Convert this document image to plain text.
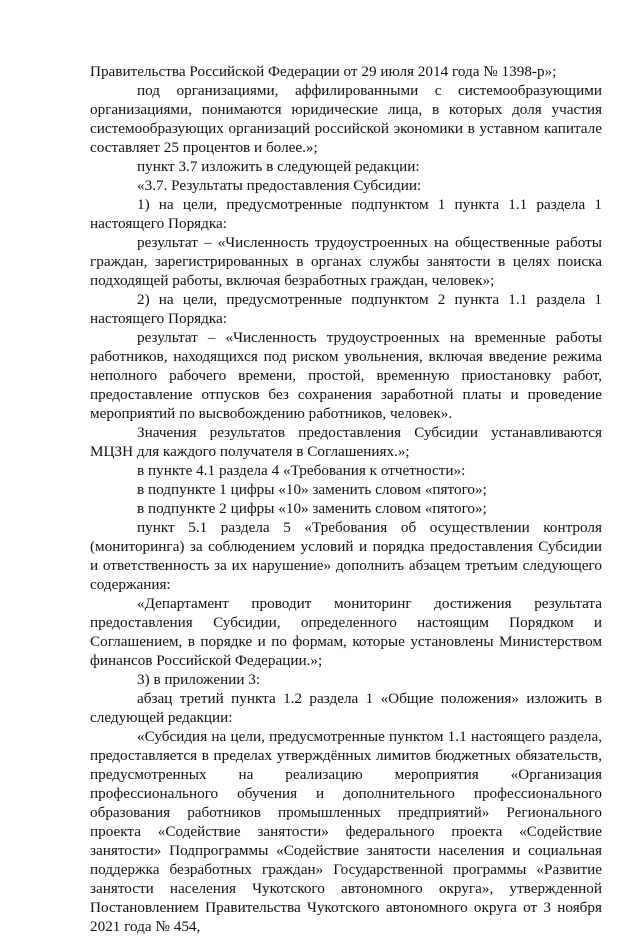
Правительства Российской Федерации от 29 июля 2014 года № 1398-р»;

под организациями, аффилированными с системообразующими организациями, понимаются юридические лица, в которых доля участия системообразующих организаций российской экономики в уставном капитале составляет 25 процентов и более.»;

пункт 3.7 изложить в следующей редакции:

«3.7. Результаты предоставления Субсидии:

1) на цели, предусмотренные подпунктом 1 пункта 1.1 раздела 1 настоящего Порядка:

результат – «Численность трудоустроенных на общественные работы граждан, зарегистрированных в органах службы занятости в целях поиска подходящей работы, включая безработных граждан, человек»;

2) на цели, предусмотренные подпунктом 2 пункта 1.1 раздела 1 настоящего Порядка:

результат – «Численность трудоустроенных на временные работы работников, находящихся под риском увольнения, включая введение режима неполного рабочего времени, простой, временную приостановку работ, предоставление отпусков без сохранения заработной платы и проведение мероприятий по высвобождению работников, человек».

Значения результатов предоставления Субсидии устанавливаются МЦЗН для каждого получателя в Соглашениях.»;

в пункте 4.1 раздела 4 «Требования к отчетности»:

в подпункте 1 цифры «10» заменить словом «пятого»;

в подпункте 2 цифры «10» заменить словом «пятого»;

пункт 5.1 раздела 5 «Требования об осуществлении контроля (мониторинга) за соблюдением условий и порядка предоставления Субсидии и ответственность за их нарушение» дополнить абзацем третьим следующего содержания:

«Департамент проводит мониторинг достижения результата предоставления Субсидии, определенного настоящим Порядком и Соглашением, в порядке и по формам, которые установлены Министерством финансов Российской Федерации.»;

3) в приложении 3:

абзац третий пункта 1.2 раздела 1 «Общие положения» изложить в следующей редакции:

«Субсидия на цели, предусмотренные пунктом 1.1 настоящего раздела, предоставляется в пределах утверждённых лимитов бюджетных обязательств, предусмотренных на реализацию мероприятия «Организация профессионального обучения и дополнительного профессионального образования работников промышленных предприятий» Регионального проекта «Содействие занятости» федерального проекта «Содействие занятости» Подпрограммы «Содействие занятости населения и социальная поддержка безработных граждан» Государственной программы «Развитие занятости населения Чукотского автономного округа», утвержденной Постановлением Правительства Чукотского автономного округа от 3 ноября 2021 года № 454,
